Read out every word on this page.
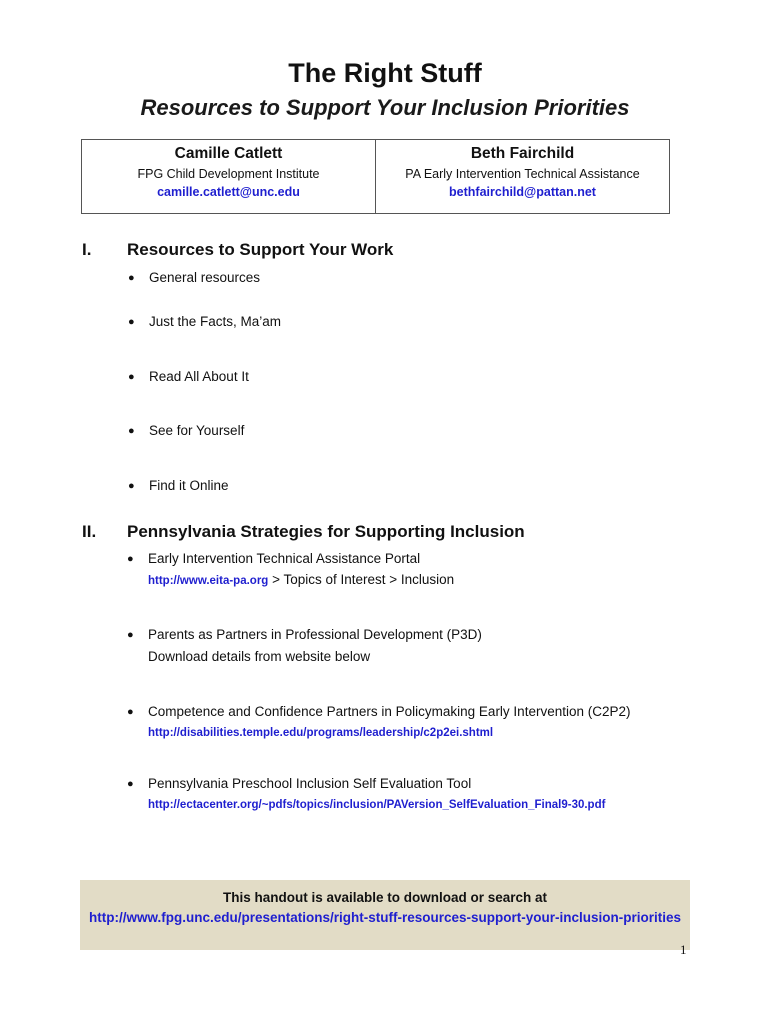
The Right Stuff
Resources to Support Your Inclusion Priorities
Camille Catlett
FPG Child Development Institute
camille.catlett@unc.edu
Beth Fairchild
PA Early Intervention Technical Assistance
bethfairchild@pattan.net
I. Resources to Support Your Work
● General resources
● Just the Facts, Ma’am
● Read All About It
● See for Yourself
● Find it Online
II. Pennsylvania Strategies for Supporting Inclusion
● Early Intervention Technical Assistance Portal
http://www.eita-pa.org > Topics of Interest > Inclusion
● Parents as Partners in Professional Development (P3D)
Download details from website below
● Competence and Confidence Partners in Policymaking Early Intervention (C2P2)
http://disabilities.temple.edu/programs/leadership/c2p2ei.shtml
● Pennsylvania Preschool Inclusion Self Evaluation Tool
http://ectacenter.org/~pdfs/topics/inclusion/PAVersion_SelfEvaluation_Final9-30.pdf
This handout is available to download or search at
http://www.fpg.unc.edu/presentations/right-stuff-resources-support-your-inclusion-priorities
1
